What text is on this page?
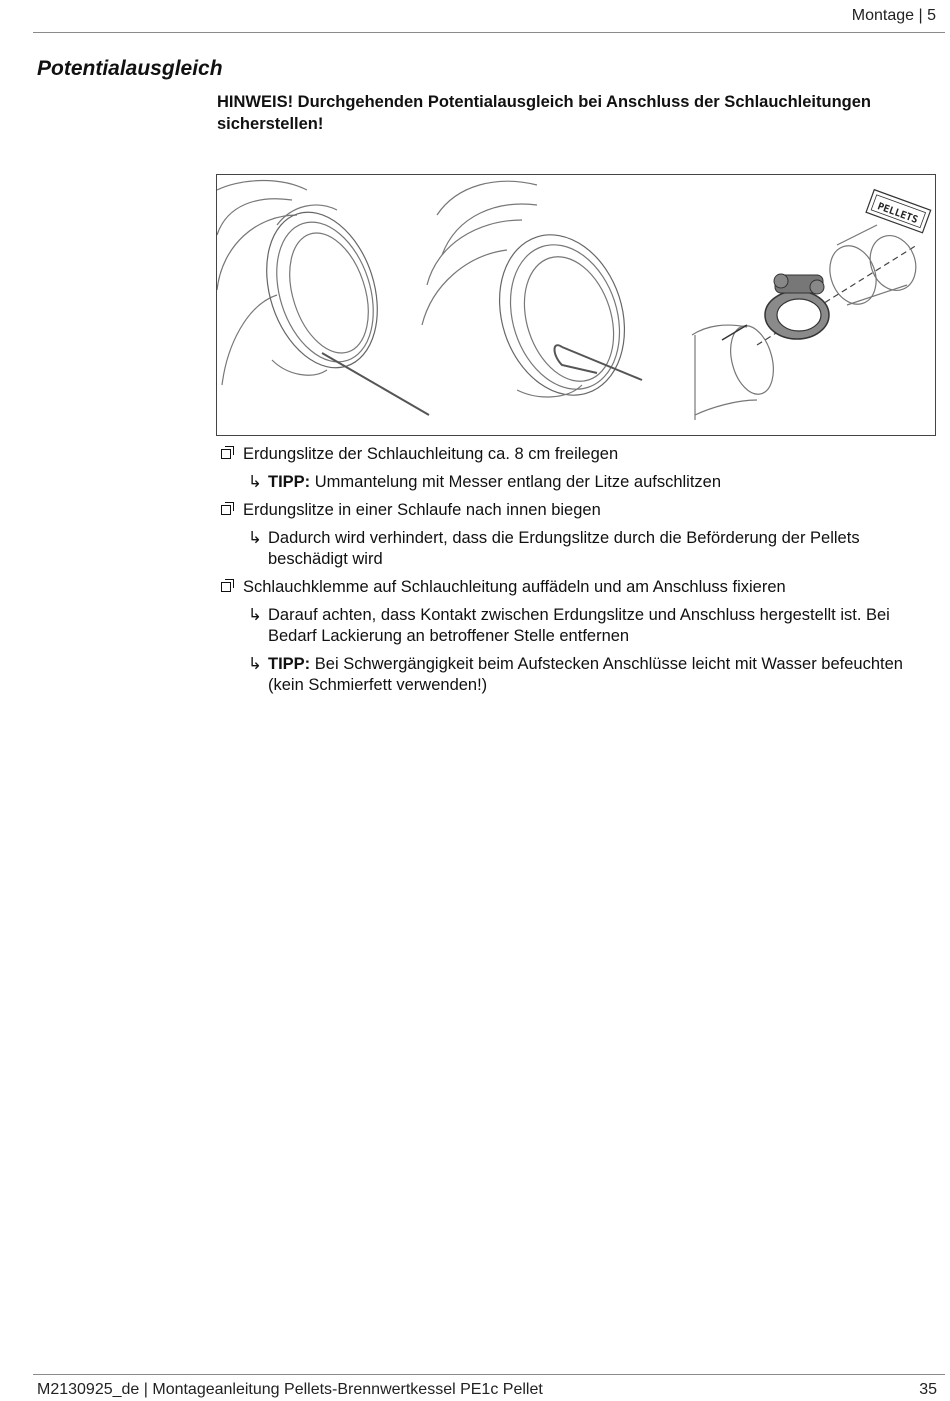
Montage | 5
Potentialausgleich
HINWEIS! Durchgehenden Potentialausgleich bei Anschluss der Schlauchleitungen sicherstellen!
PELLETS
Erdungslitze der Schlauchleitung ca. 8 cm freilegen
↳ TIPP: Ummantelung mit Messer entlang der Litze aufschlitzen
Erdungslitze in einer Schlaufe nach innen biegen
↳ Dadurch wird verhindert, dass die Erdungslitze durch die Beförderung der Pellets beschädigt wird
Schlauchklemme auf Schlauchleitung auffädeln und am Anschluss fixieren
↳ Darauf achten, dass Kontakt zwischen Erdungslitze und Anschluss hergestellt ist. Bei Bedarf Lackierung an betroffener Stelle entfernen
↳ TIPP: Bei Schwergängigkeit beim Aufstecken Anschlüsse leicht mit Wasser befeuchten (kein Schmierfett verwenden!)
M2130925_de | Montageanleitung Pellets-Brennwertkessel PE1c Pellet	35
